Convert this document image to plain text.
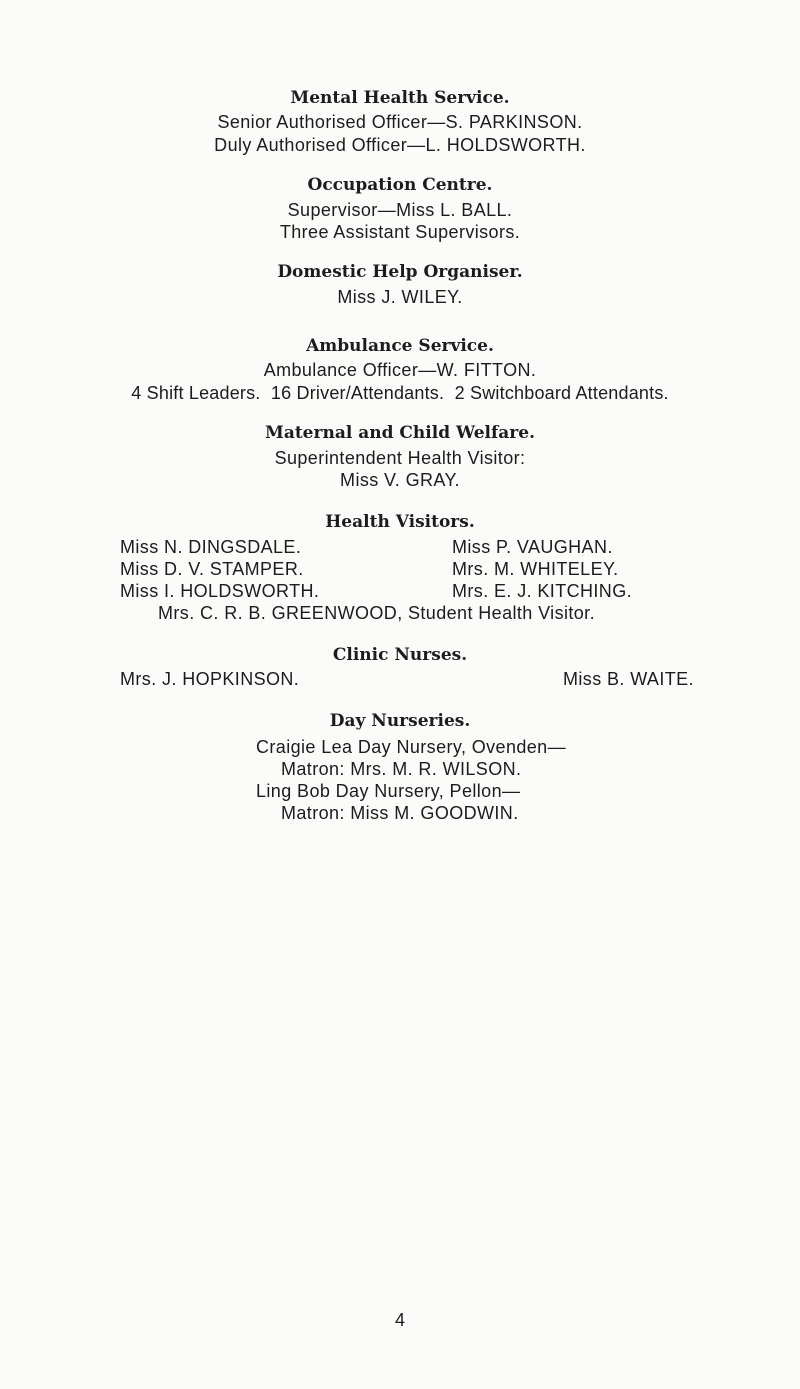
Mental Health Service.
Senior Authorised Officer—S. PARKINSON.
Duly Authorised Officer—L. HOLDSWORTH.
Occupation Centre.
Supervisor—Miss L. BALL.
Three Assistant Supervisors.
Domestic Help Organiser.
Miss J. WILEY.
Ambulance Service.
Ambulance Officer—W. FITTON.
4 Shift Leaders.  16 Driver/Attendants.  2 Switchboard Attendants.
Maternal and Child Welfare.
Superintendent Health Visitor:
Miss V. GRAY.
Health Visitors.
Miss N. DINGSDALE.	Miss P. VAUGHAN.
Miss D. V. STAMPER.	Mrs. M. WHITELEY.
Miss I. HOLDSWORTH.	Mrs. E. J. KITCHING.
Mrs. C. R. B. GREENWOOD, Student Health Visitor.
Clinic Nurses.
Mrs. J. HOPKINSON.	Miss B. WAITE.
Day Nurseries.
Craigie Lea Day Nursery, Ovenden—
Matron: Mrs. M. R. WILSON.
Ling Bob Day Nursery, Pellon—
Matron: Miss M. GOODWIN.
4
